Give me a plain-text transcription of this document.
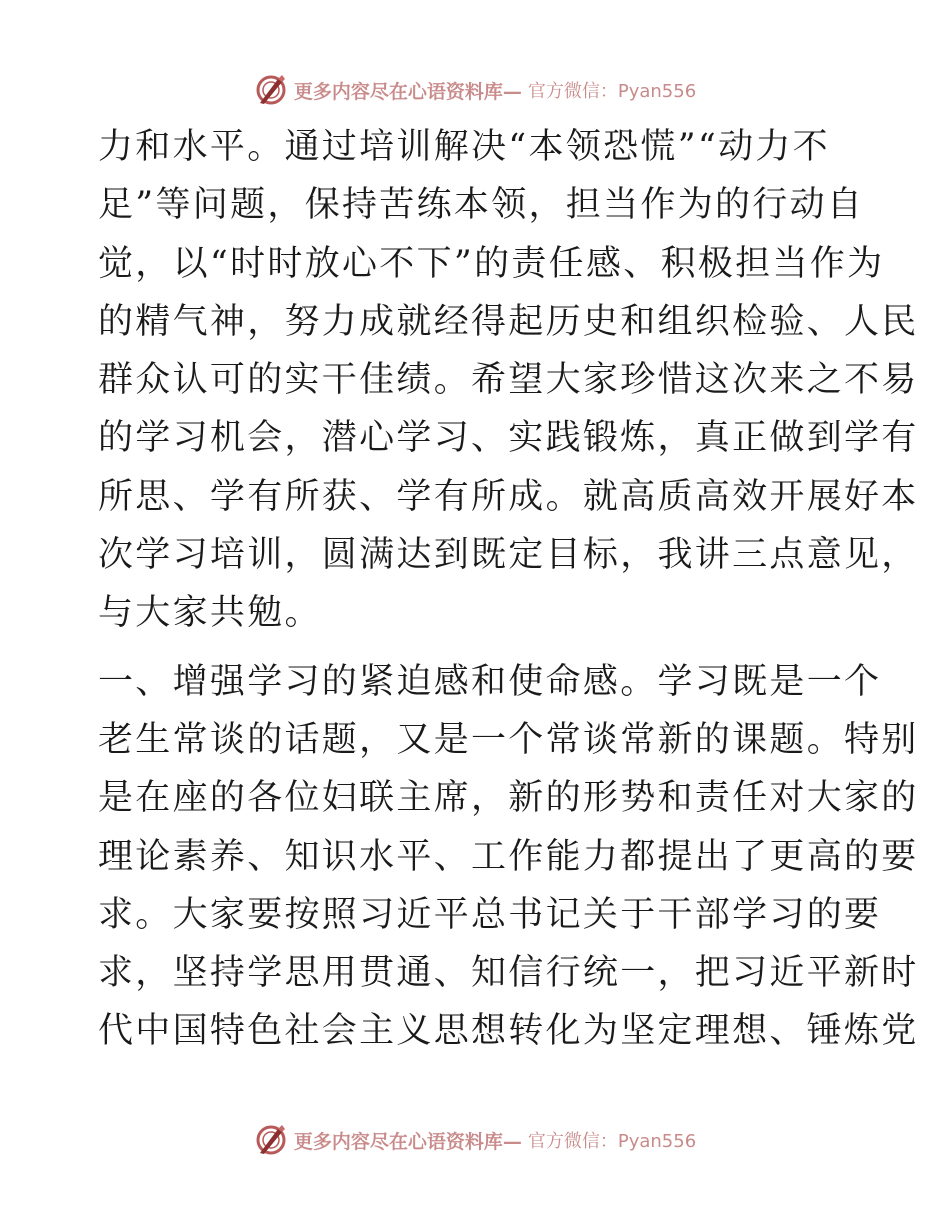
更多内容尽在心语资料库— 官方微信：Pyan556
力和水平。通过培训解决“本领恐慌”“动力不
足”等问题，保持苦练本领，担当作为的行动自
觉，以“时时放心不下”的责任感、积极担当作为
的精气神，努力成就经得起历史和组织检验、人民
群众认可的实干佳绩。希望大家珍惜这次来之不易
的学习机会，潜心学习、实践锻炼，真正做到学有
所思、学有所获、学有所成。就高质高效开展好本
次学习培训，圆满达到既定目标，我讲三点意见，
与大家共勉。
一、增强学习的紧迫感和使命感。学习既是一个
老生常谈的话题，又是一个常谈常新的课题。特别
是在座的各位妇联主席，新的形势和责任对大家的
理论素养、知识水平、工作能力都提出了更高的要
求。大家要按照习近平总书记关于干部学习的要
求，坚持学思用贯通、知信行统一，把习近平新时
代中国特色社会主义思想转化为坚定理想、锤炼党
更多内容尽在心语资料库— 官方微信：Pyan556
